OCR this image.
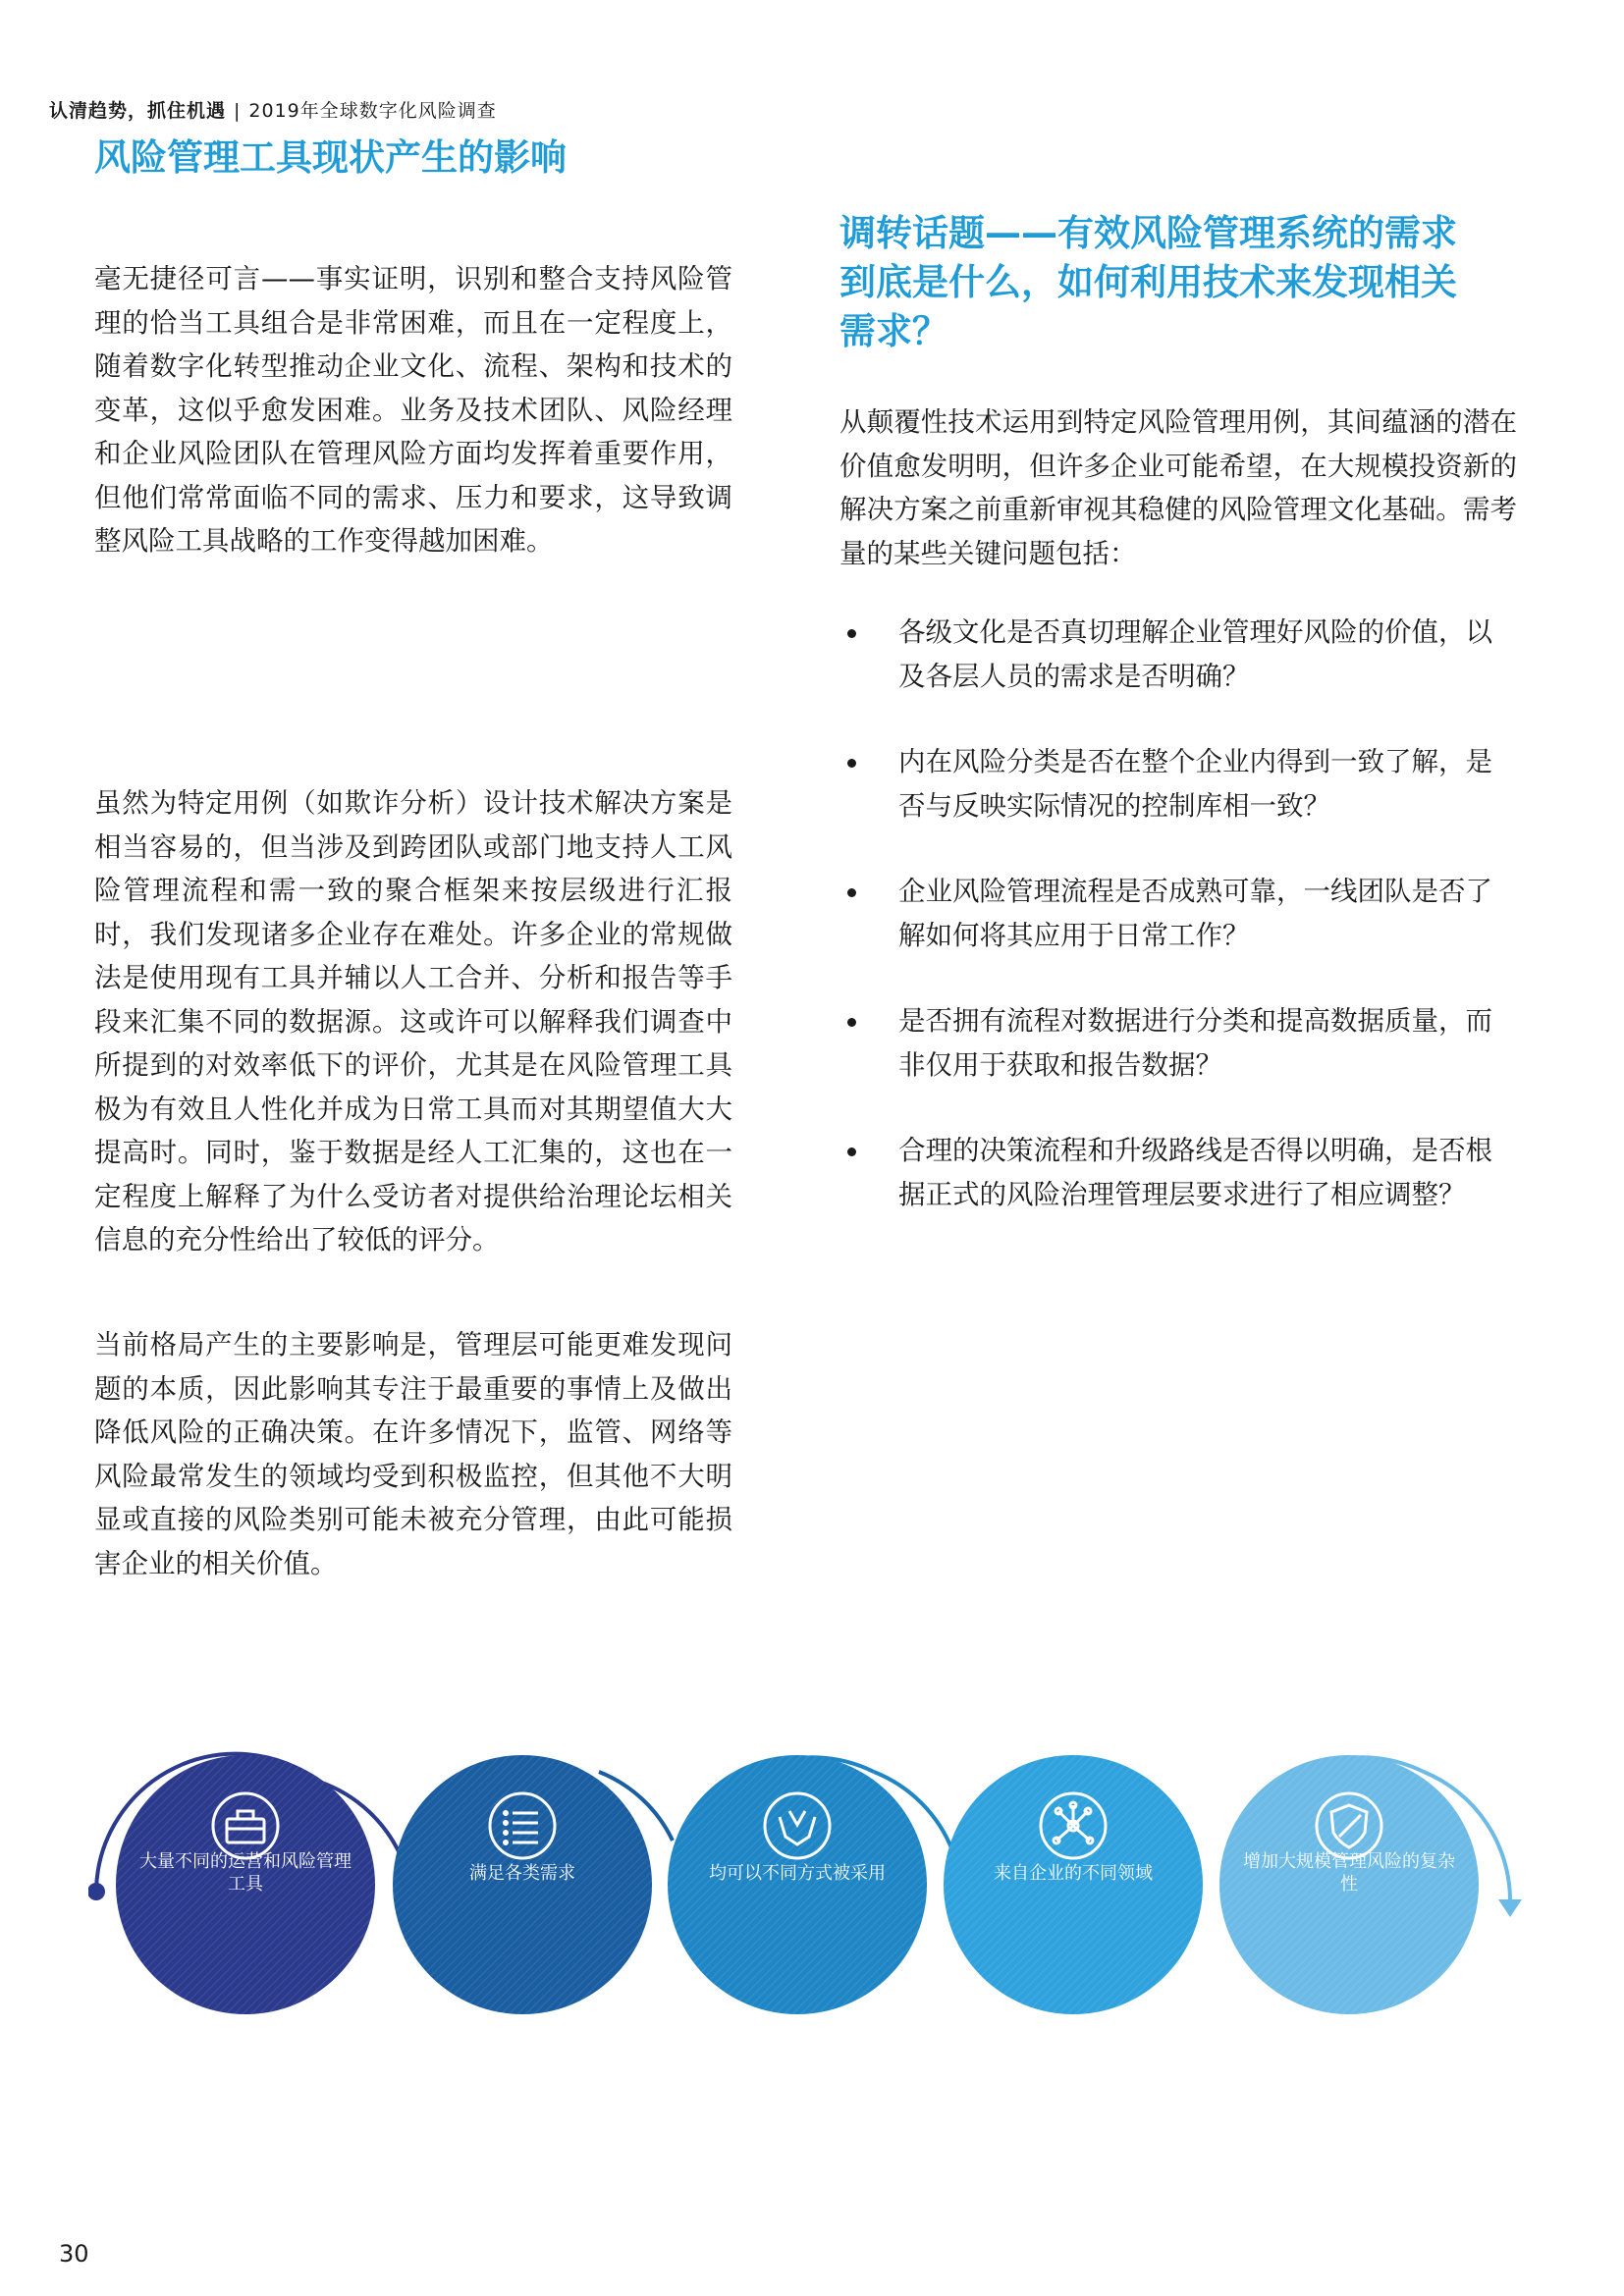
认清趋势，抓住机遇 | 2019年全球数字化风险调查
风险管理工具现状产生的影响
毫无捷径可言——事实证明，识别和整合支持风险管理的恰当工具组合是非常困难，而且在一定程度上，随着数字化转型推动企业文化、流程、架构和技术的变革，这似乎愈发困难。业务及技术团队、风险经理和企业风险团队在管理风险方面均发挥着重要作用，但他们常常面临不同的需求、压力和要求，这导致调整风险工具战略的工作变得越加困难。
虽然为特定用例（如欺诈分析）设计技术解决方案是相当容易的，但当涉及到跨团队或部门地支持人工风险管理流程和需一致的聚合框架来按层级进行汇报时，我们发现诸多企业存在难处。许多企业的常规做法是使用现有工具并辅以人工合并、分析和报告等手段来汇集不同的数据源。这或许可以解释我们调查中所提到的对效率低下的评价，尤其是在风险管理工具极为有效且人性化并成为日常工具而对其期望值大大提高时。同时，鉴于数据是经人工汇集的，这也在一定程度上解释了为什么受访者对提供给治理论坛相关信息的充分性给出了较低的评分。
当前格局产生的主要影响是，管理层可能更难发现问题的本质，因此影响其专注于最重要的事情上及做出降低风险的正确决策。在许多情况下，监管、网络等风险最常发生的领域均受到积极监控，但其他不大明显或直接的风险类别可能未被充分管理，由此可能损害企业的相关价值。
调转话题——有效风险管理系统的需求到底是什么，如何利用技术来发现相关需求？
从颠覆性技术运用到特定风险管理用例，其间蕴涵的潜在价值愈发明明，但许多企业可能希望，在大规模投资新的解决方案之前重新审视其稳健的风险管理文化基础。需考量的某些关键问题包括：
各级文化是否真切理解企业管理好风险的价值，以及各层人员的需求是否明确？
内在风险分类是否在整个企业内得到一致了解，是否与反映实际情况的控制库相一致？
企业风险管理流程是否成熟可靠，一线团队是否了解如何将其应用于日常工作？
是否拥有流程对数据进行分类和提高数据质量，而非仅用于获取和报告数据？
合理的决策流程和升级路线是否得以明确，是否根据正式的风险治理管理层要求进行了相应调整？
大量不同的运营和风险管理工具
满足各类需求	均可以不同方式被采用	来自企业的不同领域
增加大规模管理风险的复杂性
30
